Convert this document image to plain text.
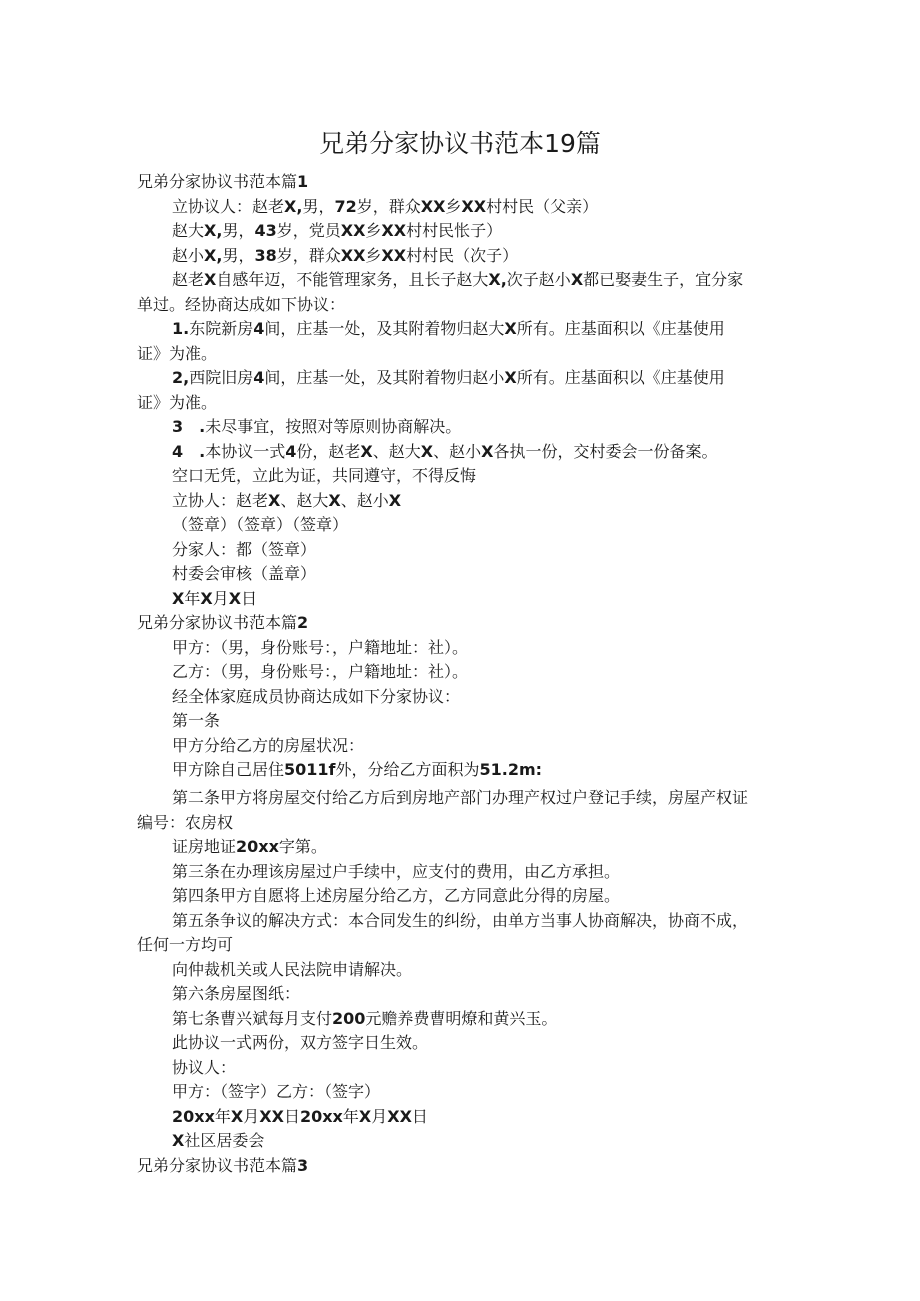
兄弟分家协议书范本19篇
兄弟分家协议书范本篇1
立协议人：赵老X,男，72岁，群众XX乡XX村村民（父亲）
赵大X,男，43岁，党员XX乡XX村村民怅子）
赵小X,男，38岁，群众XX乡XX村村民（次子）
赵老X自感年迈，不能管理家务，且长子赵大X,次子赵小X都已娶妻生子，宜分家
单过。经协商达成如下协议：
1.东院新房4间，庄基一处，及其附着物归赵大X所有。庄基面积以《庄基使用
证》为准。
2,西院旧房4间，庄基一处，及其附着物归赵小X所有。庄基面积以《庄基使用
证》为准。
3　 .未尽事宜，按照对等原则协商解决。
4　 .本协议一式4份，赵老X、赵大X、赵小X各执一份，交村委会一份备案。
空口无凭，立此为证，共同遵守，不得反悔
立协人：赵老X、赵大X、赵小X
（签章）（签章）（签章）
分家人：都（签章）
村委会审核（盖章）
X年X月X日
兄弟分家协议书范本篇2
甲方：（男，身份账号：，户籍地址：社）。
乙方：（男，身份账号：，户籍地址：社）。
经全体家庭成员协商达成如下分家协议：
第一条
甲方分给乙方的房屋状况：
甲方除自己居住5011f外，分给乙方面积为51.2m:
第二条甲方将房屋交付给乙方后到房地产部门办理产权过户登记手续，房屋产权证
编号：农房权
证房地证20xx字第。
第三条在办理该房屋过户手续中，应支付的费用，由乙方承担。
第四条甲方自愿将上述房屋分给乙方，乙方同意此分得的房屋。
第五条争议的解决方式：本合同发生的纠纷，由单方当事人协商解决，协商不成，
任何一方均可
向仲裁机关或人民法院申请解决。
第六条房屋图纸：
第七条曹兴斌每月支付200元赡养费曹明燎和黄兴玉。
此协议一式两份，双方签字日生效。
协议人：
甲方：（签字）乙方：（签字）
20xx年X月XX日20xx年X月XX日
X社区居委会
兄弟分家协议书范本篇3
